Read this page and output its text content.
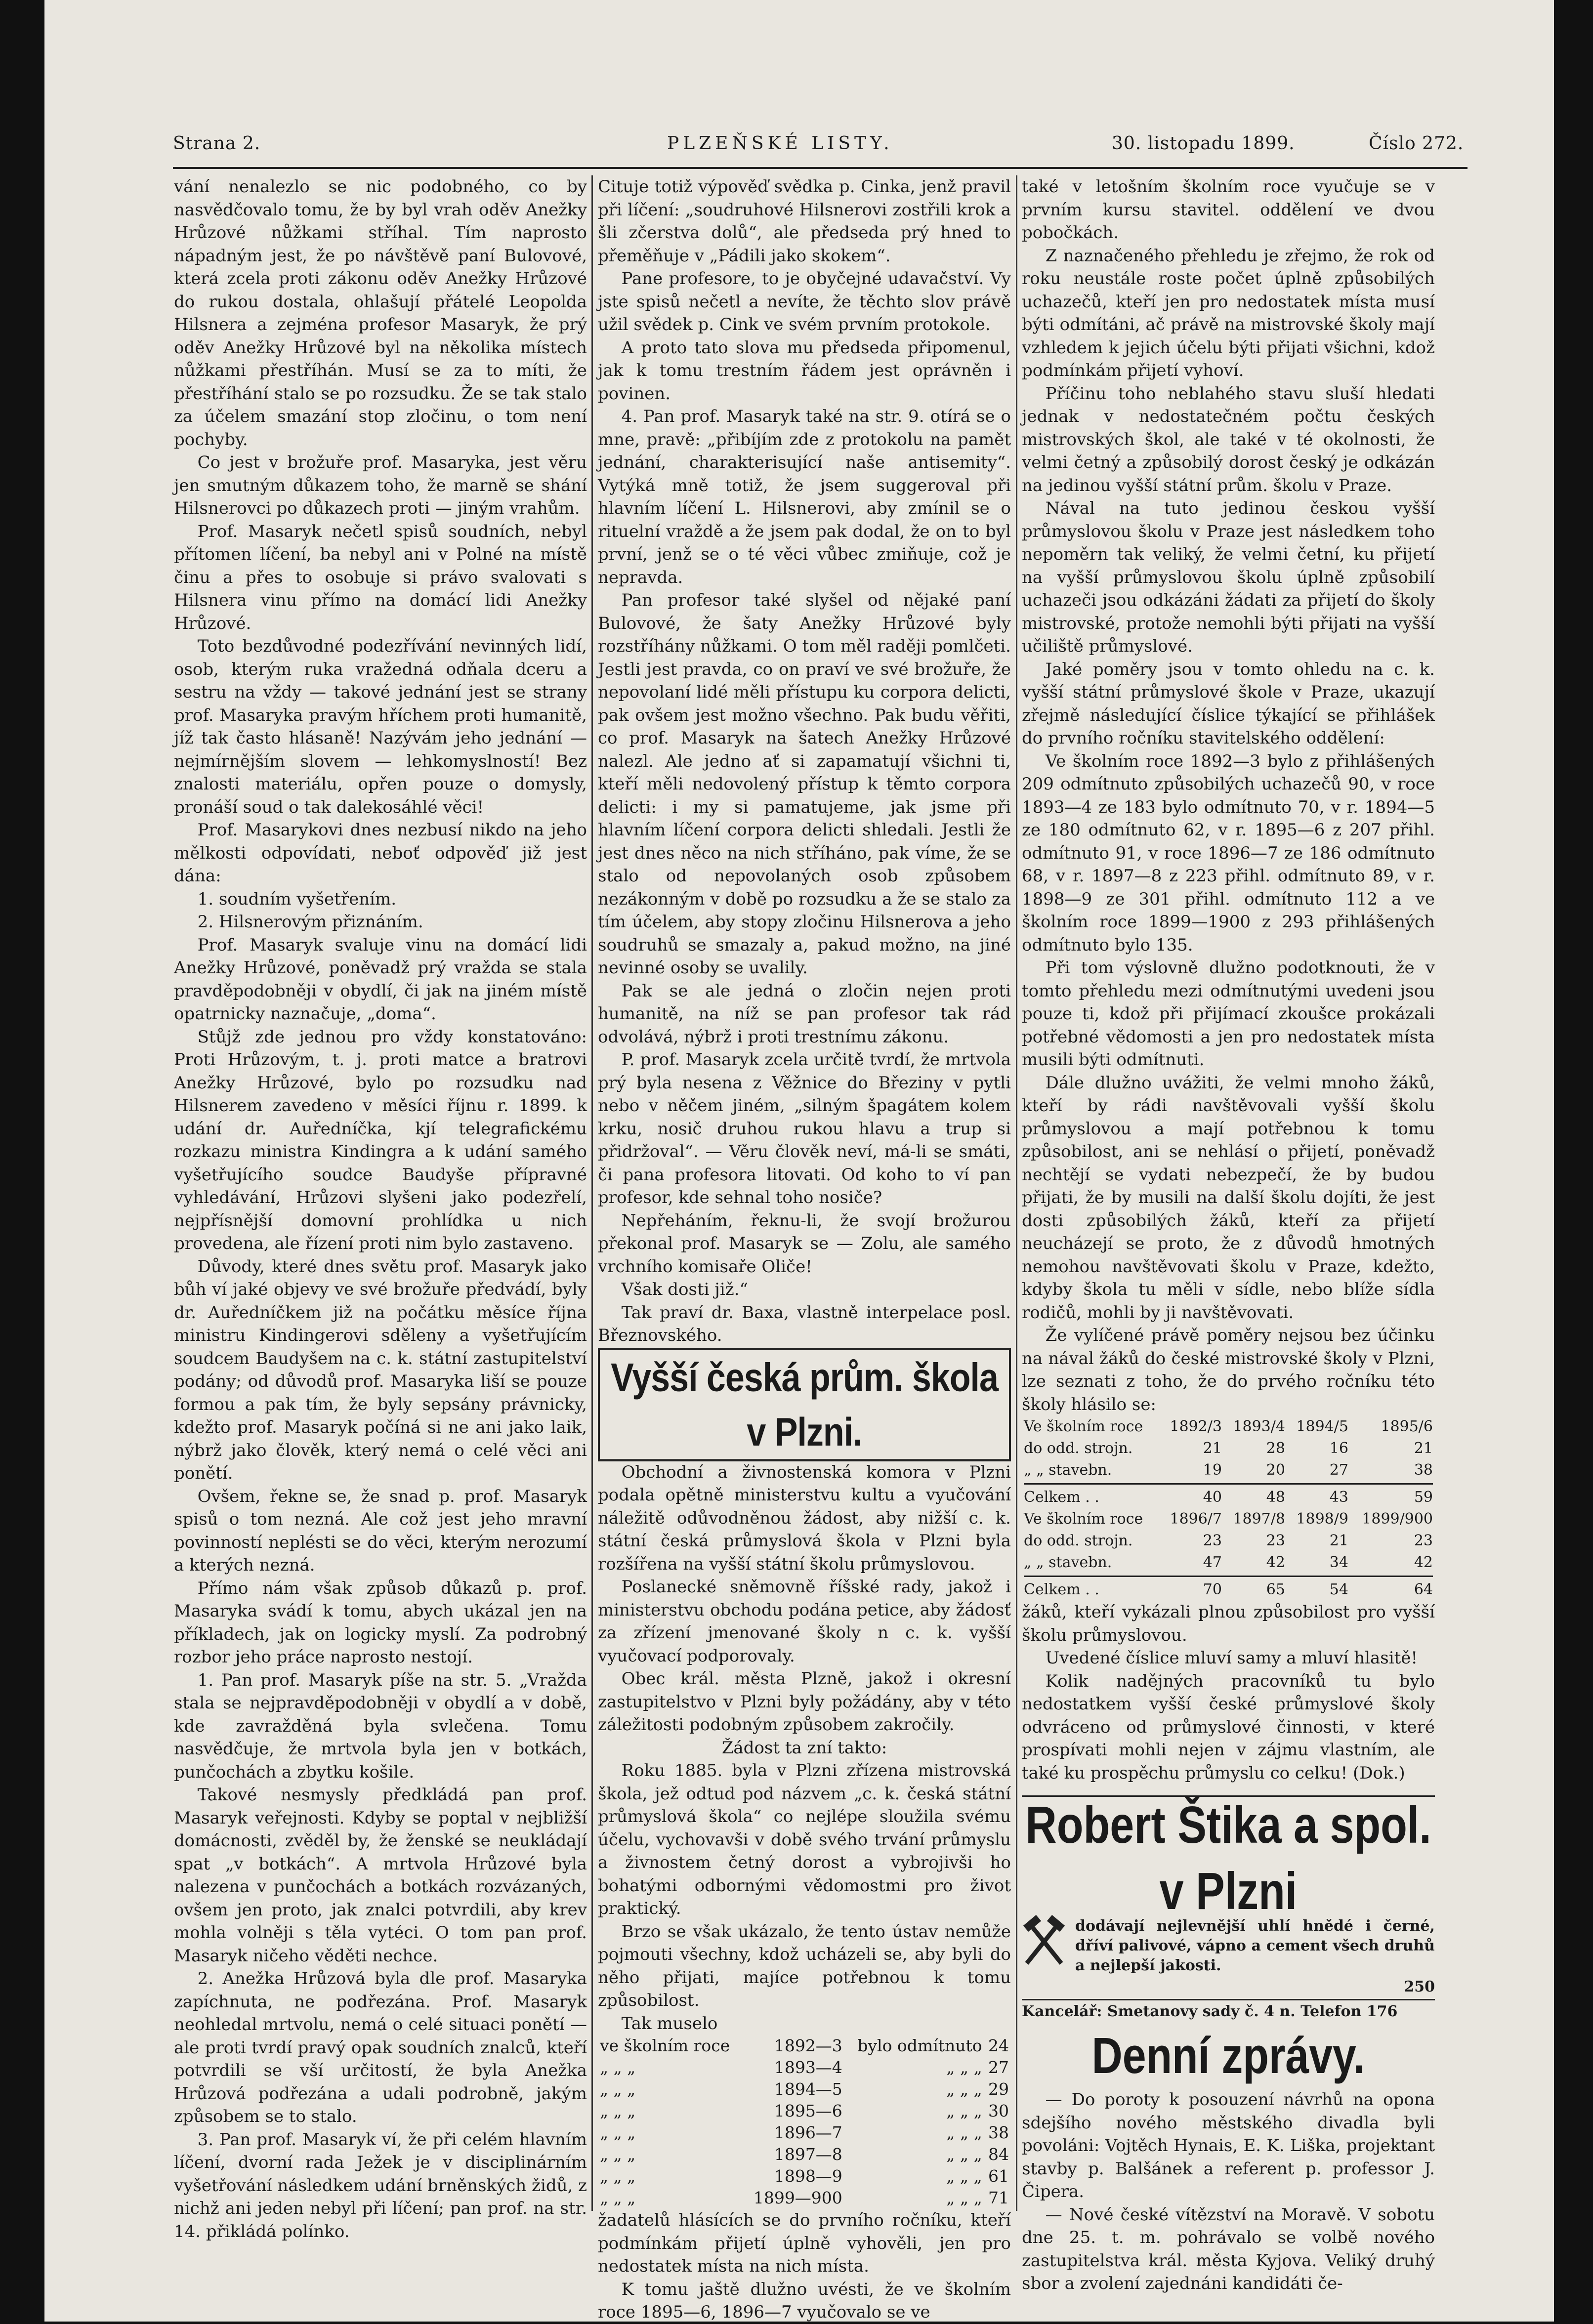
Strana 2.	PLZEŇSKÉ LISTY.	30. listopadu 1899.	Číslo 272.

vání nenalezlo se nic podobného, co by nasvědčovalo tomu, že by byl vrah oděv Anežky Hrůzové nůžkami stříhal. Tím naprosto nápadným jest, že po návštěvě paní Bulovové, která zcela proti zákonu oděv Anežky Hrůzové do rukou dostala, ohlašují přátelé Leopolda Hilsnera a zejména profesor Masaryk, že prý oděv Anežky Hrůzové byl na několika místech nůžkami přestříhán. Musí se za to míti, že přestříhání stalo se po rozsudku. Že se tak stalo za účelem smazání stop zločinu, o tom není pochyby.

Co jest v brožuře prof. Masaryka, jest věru jen smutným důkazem toho, že marně se shání Hilsnerovci po důkazech proti — jiným vrahům.

Prof. Masaryk nečetl spisů soudních, nebyl přítomen líčení, ba nebyl ani v Polné na místě činu a přes to osobuje si právo svalovati s Hilsnera vinu přímo na domácí lidi Anežky Hrůzové.

Toto bezdůvodné podezřívání nevinných lidí, osob, kterým ruka vražedná odňala dceru a sestru na vždy — takové jednání jest se strany prof. Masaryka pravým hříchem proti humanitě, jíž tak často hlásaně! Nazývám jeho jednání — nejmírnějším slovem — lehkomyslností! Bez znalosti materiálu, opřen pouze o domysly, pronáší soud o tak dalekosáhlé věci!

Prof. Masarykovi dnes nezbusí nikdo na jeho mělkosti odpovídati, neboť odpověď již jest dána:

1. soudním vyšetřením.

2. Hilsnerovým přiznáním.

Prof. Masaryk svaluje vinu na domácí lidi Anežky Hrůzové, poněvadž prý vražda se stala pravděpodobněji v obydlí, či jak na jiném místě opatrnicky naznačuje, „doma“.

Stůjž zde jednou pro vždy konstatováno: Proti Hrůzovým, t. j. proti matce a bratrovi Anežky Hrůzové, bylo po rozsudku nad Hilsnerem zavedeno v měsíci říjnu r. 1899. k udání dr. Auředníčka, kjí telegrafickému rozkazu ministra Kindingra a k udání samého vyšetřujícího soudce Baudyše přípravné vyhledávání, Hrůzovi slyšeni jako podezřelí, nejpřísnější domovní prohlídka u nich provedena, ale řízení proti nim bylo zastaveno.

Důvody, které dnes světu prof. Masaryk jako bůh ví jaké objevy ve své brožuře předvádí, byly dr. Auředníčkem již na počátku měsíce října ministru Kindingerovi sděleny a vyšetřujícím soudcem Baudyšem na c. k. státní zastupitelství podány; od důvodů prof. Masaryka liší se pouze formou a pak tím, že byly sepsány právnicky, kdežto prof. Masaryk počíná si ne ani jako laik, nýbrž jako člověk, který nemá o celé věci ani ponětí.

Ovšem, řekne se, že snad p. prof. Masaryk spisů o tom nezná. Ale což jest jeho mravní povinností neplésti se do věci, kterým nerozumí a kterých nezná.

Přímo nám však způsob důkazů p. prof. Masaryka svádí k tomu, abych ukázal jen na příkladech, jak on logicky myslí. Za podrobný rozbor jeho práce naprosto nestojí.

1. Pan prof. Masaryk píše na str. 5. „Vražda stala se nejpravděpodobněji v obydlí a v době, kde zavražděná byla svlečena. Tomu nasvědčuje, že mrtvola byla jen v botkách, punčochách a zbytku košile.

Takové nesmysly předkládá pan prof. Masaryk veřejnosti. Kdyby se poptal v nejbližší domácnosti, zvěděl by, že ženské se neukládají spat „v botkách“. A mrtvola Hrůzové byla nalezena v punčochách a botkách rozvázaných, ovšem jen proto, jak znalci potvrdili, aby krev mohla volněji s těla vytéci. O tom pan prof. Masaryk ničeho věděti nechce.

2. Anežka Hrůzová byla dle prof. Masaryka zapíchnuta, ne podřezána. Prof. Masaryk neohledal mrtvolu, nemá o celé situaci ponětí — ale proti tvrdí pravý opak soudních znalců, kteří potvrdili se vší určitostí, že byla Anežka Hrůzová podřezána a udali podrobně, jakým způsobem se to stalo.

3. Pan prof. Masaryk ví, že při celém hlavním líčení, dvorní rada Ježek je v disciplinárním vyšetřování následkem udání brněnských židů, z nichž ani jeden nebyl při líčení; pan prof. na str. 14. přikládá polínko.

Cituje totiž výpověď svědka p. Cinka, jenž pravil při líčení: „soudruhové Hilsnerovi zostřili krok a šli zčerstva dolů“, ale předseda prý hned to přeměňuje v „Pádili jako skokem“.

Pane profesore, to je obyčejné udavačství. Vy jste spisů nečetl a nevíte, že těchto slov právě užil svědek p. Cink ve svém prvním protokole.

A proto tato slova mu předseda připomenul, jak k tomu trestním řádem jest oprávněn i povinen.

4. Pan prof. Masaryk také na str. 9. otírá se o mne, pravě: „přibíjím zde z protokolu na pamět jednání, charakterisující naše antisemity“. Vytýká mně totiž, že jsem suggeroval při hlavním líčení L. Hilsnerovi, aby zmínil se o rituelní vraždě a že jsem pak dodal, že on to byl první, jenž se o té věci vůbec zmiňuje, což je nepravda.

Pan profesor také slyšel od nějaké paní Bulovové, že šaty Anežky Hrůzové byly rozstříhány nůžkami. O tom měl raději pomlčeti. Jestli jest pravda, co on praví ve své brožuře, že nepovolaní lidé měli přístupu ku corpora delicti, pak ovšem jest možno všechno. Pak budu věřiti, co prof. Masaryk na šatech Anežky Hrůzové nalezl. Ale jedno ať si zapamatují všichni ti, kteří měli nedovolený přístup k těmto corpora delicti: i my si pamatujeme, jak jsme při hlavním líčení corpora delicti shledali. Jestli že jest dnes něco na nich stříháno, pak víme, že se stalo od nepovolaných osob způsobem nezákonným v době po rozsudku a že se stalo za tím účelem, aby stopy zločinu Hilsnerova a jeho soudruhů se smazaly a, pakud možno, na jiné nevinné osoby se uvalily.

Pak se ale jedná o zločin nejen proti humanitě, na níž se pan profesor tak rád odvolává, nýbrž i proti trestnímu zákonu.

P. prof. Masaryk zcela určitě tvrdí, že mrtvola prý byla nesena z Věžnice do Březiny v pytli nebo v něčem jiném, „silným špagátem kolem krku, nosič druhou rukou hlavu a trup si přidržoval“. — Věru člověk neví, má-li se smáti, či pana profesora litovati. Od koho to ví pan profesor, kde sehnal toho nosiče?

Nepřeháním, řeknu-li, že svojí brožurou překonal prof. Masaryk se — Zolu, ale samého vrchního komisaře Oliče!

Však dosti již.“

Tak praví dr. Baxa, vlastně interpelace posl. Březnovského.

Vyšší česká prům. škola v Plzni.

Obchodní a živnostenská komora v Plzni podala opětně ministerstvu kultu a vyučování náležitě odůvodněnou žádost, aby nižší c. k. státní česká průmyslová škola v Plzni byla rozšířena na vyšší státní školu průmyslovou.

Poslanecké sněmovně říšské rady, jakož i ministerstvu obchodu podána petice, aby žádosť za zřízení jmenované školy n c. k. vyšší vyučovací podporovaly.

Obec král. města Plzně, jakož i okresní zastupitelstvo v Plzni byly požádány, aby v této záležitosti podobným způsobem zakročily.

Žádost ta zní takto:

Roku 1885. byla v Plzni zřízena mistrovská škola, jež odtud pod názvem „c. k. česká státní průmyslová škola“ co nejlépe sloužila svému účelu, vychovavši v době svého trvání průmyslu a živnostem četný dorost a vybrojivši ho bohatými odbornými vědomostmi pro život praktický.

Brzo se však ukázalo, že tento ústav nemůže pojmouti všechny, kdož ucházeli se, aby byli do něho přijati, majíce potřebnou k tomu způsobilost.

Tak musel​o

ve školním roce	1892—3	bylo odmítnuto	24
„ „ „	1893—4	„ „ „	27
„ „ „	1894—5	„ „ „	29
„ „ „	1895—6	„ „ „	30
„ „ „	1896—7	„ „ „	38
„ „ „	1897—8	„ „ „	84
„ „ „	1898—9	„ „ „	61
„ „ „	1899—900	„ „ „	71

žadatelů hlásících se do prvního ročníku, kteří podmínkám přijetí úplně vyhověli, jen pro nedostatek místa na nich místa.

K tomu jaště dlužno uvésti, že ve školním roce 1895—6, 1896—7 vyučovalo se ve

také v letošním školním roce vyučuje se v prvním kursu stavitel. oddělení ve dvou pobočkách.

Z naznačeného přehledu je zřejmo, že rok od roku neustále roste počet úplně způsobilých uchazečů, kteří jen pro nedostatek místa musí býti odmítáni, ač právě na mistrovské školy mají vzhledem k jejich účelu býti přijati všichni, kdož podmínkám přijetí vyhoví.

Příčinu toho neblahého stavu sluší hledati jednak v nedostatečném počtu českých mistrovských škol, ale také v té okolnosti, že velmi četný a způsobilý dorost český je odkázán na jedinou vyšší státní prům. školu v Praze.

Nával na tuto jedinou českou vyšší průmyslovou školu v Praze jest následkem toho nepoměrn tak veliký, že velmi četní, ku přijetí na vyšší průmyslovou školu úplně způsobilí uchazeči jsou odkázáni žádati za přijetí do školy mistrovské, protože nemohli býti přijati na vyšší učiliště průmyslové.

Jaké poměry jsou v tomto ohledu na c. k. vyšší státní průmyslové škole v Praze, ukazují zřejmě následující číslice týkající se přihlášek do prvního ročníku stavitelského oddělení:

Ve školním roce 1892—3 bylo z přihlášených 209 odmítnuto způsobilých uchazečů 90, v roce 1893—4 ze 183 bylo odmítnuto 70, v r. 1894—5 ze 180 odmítnuto 62, v r. 1895—6 z 207 přihl. odmítnuto 91, v roce 1896—7 ze 186 odmítnuto 68, v r. 1897—8 z 223 přihl. odmítnuto 89, v r. 1898—9 ze 301 přihl. odmítnuto 112 a ve školním roce 1899—1900 z 293 přihlášených odmítnuto bylo 135.

Při tom výslovně dlužno podotknouti, že v tomto přehledu mezi odmítnutými uvedeni jsou pouze ti, kdož při přijímací zkoušce prokázali potřebné vědomosti a jen pro nedostatek místa musili býti odmítnuti.

Dále dlužno uvážiti, že velmi mnoho žáků, kteří by rádi navštěvovali vyšší školu průmyslovou a mají potřebnou k tomu způsobilost, ani se nehlásí o přijetí, poněvadž nechtějí se vydati nebezpečí, že by budou přijati, že by musili na další školu dojíti, že jest dosti způsobilých žáků, kteří za přijetí neucházejí se proto, že z důvodů hmotných nemohou navštěvovati školu v Praze, kdežto, kdyby škola tu měli v sídle, nebo blíže sídla rodičů, mohli by ji navštěvovati.

Že vylíčené právě poměry nejsou bez účinku na nával žáků do české mistrovské školy v Plzni, lze seznati z toho, že do prvého ročníku této školy hlásilo se:

Ve školním roce	1892/3	1893/4	1894/5	1895/6
do odd. strojn.	21	28	16	21
„ „ stavebn.	19	20	27	38

Celkem . .	40	48	43	59
Ve školním roce	1896/7	1897/8	1898/9	1899/900
do odd. strojn.	23	23	21	23
„ „ stavebn.	47	42	34	42

Celkem . .	70	65	54	64

žáků, kteří vykázali plnou způsobilost pro vyšší školu průmyslovou.

Uvedené číslice mluví samy a mluví hlasitě!

Kolik nadějných pracovníků tu bylo nedostatkem vyšší české průmyslové školy odvráceno od průmyslové činnosti, v které prospívati mohli nejen v zájmu vlastním, ale také ku prospěchu průmyslu co celku! (Dok.)

Robert Štika a spol. v Plzni
dodávají nejlevnější uhlí hnědé i černé, dříví palivové, vápno a cement všech druhů a nejlepší jakosti.
250
Kancelář: Smetanovy sady č. 4 n. Telefon 176
Denní zprávy.

— Do poroty k posouzení návrhů na opona sdejšího nového městského divadla byli povoláni: Vojtěch Hynais, E. K. Liška, projektant stavby p. Balšánek a referent p. professor J. Čipera.

— Nové české vítězství na Moravě. V sobotu dne 25. t. m. pohrávalo se volbě nového zastupitelstva král. města Kyjova. Veliký druhý sbor a zvolení zajednáni kandidáti če-
